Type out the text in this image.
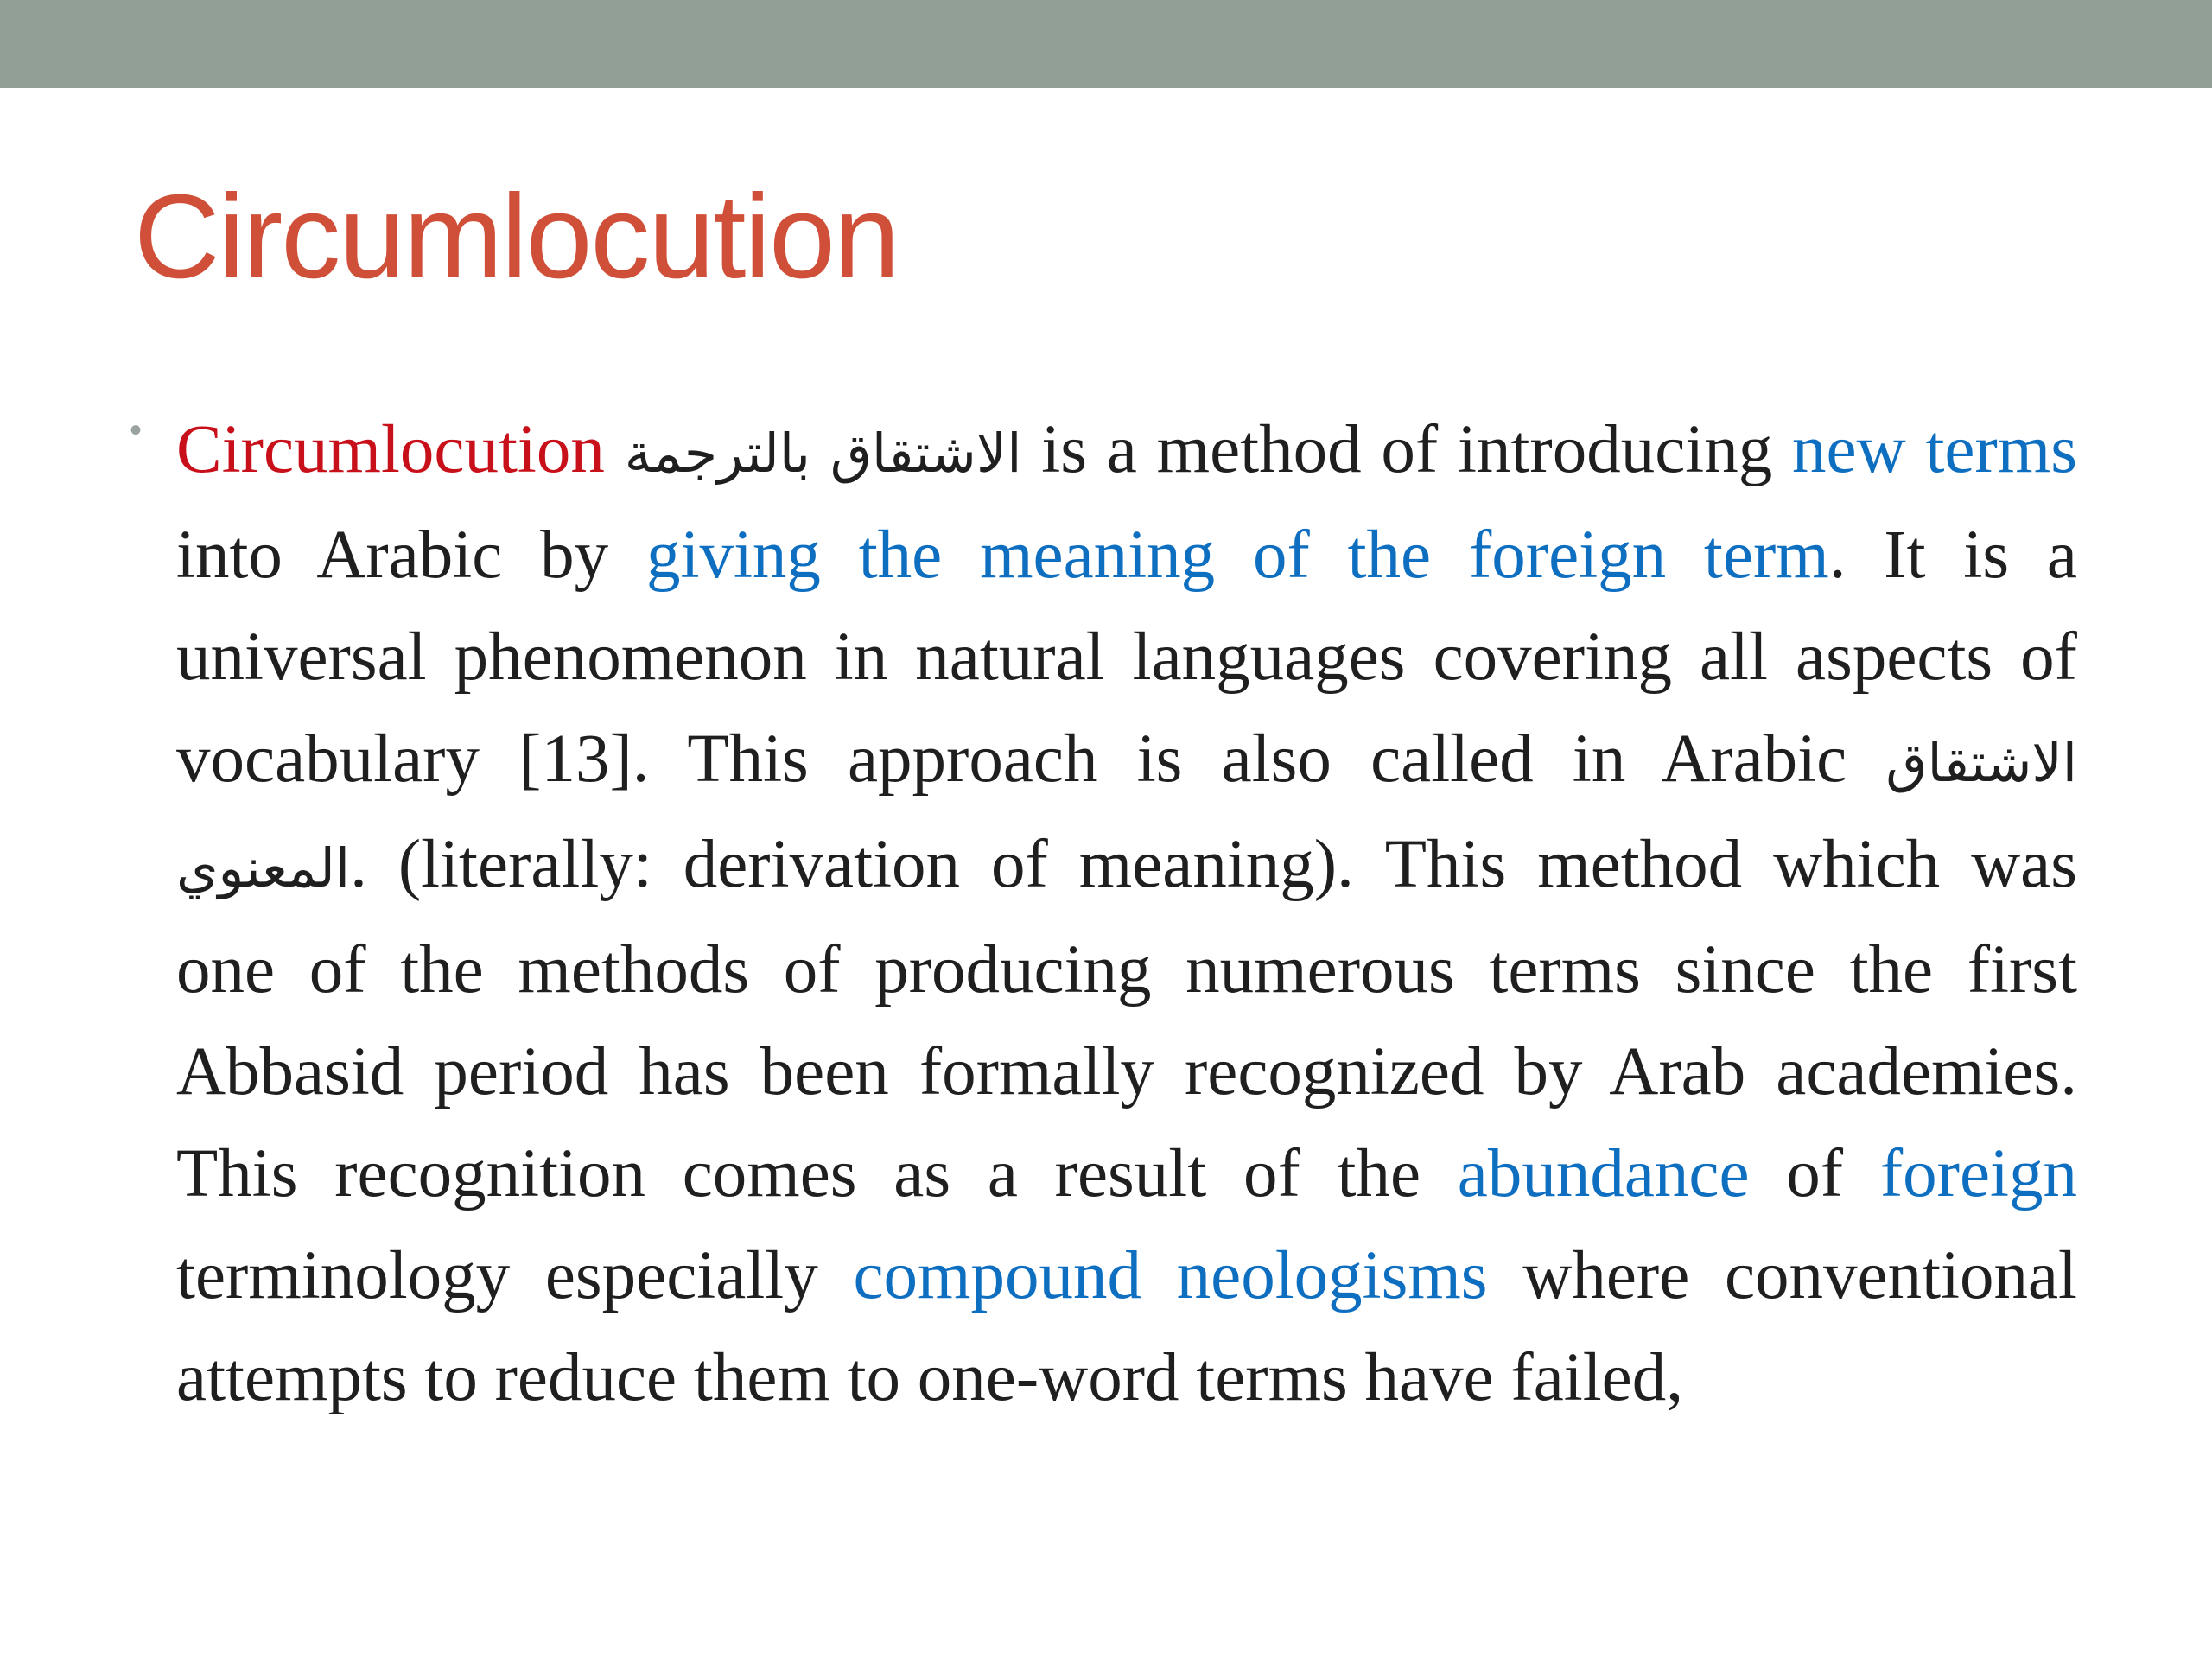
Circumlocution
• Circumlocution الاشتقاق بالترجمة is a method of introducing new terms into Arabic by giving the meaning of the foreign term. It is a universal phenomenon in natural languages covering all aspects of vocabulary [13]. This approach is also called in Arabic الاشتقاق المعنوي. (literally: derivation of meaning). This method which was one of the methods of producing numerous terms since the first Abbasid period has been formally recognized by Arab academies. This recognition comes as a result of the abundance of foreign terminology especially compound neologisms where conventional attempts to reduce them to one-word terms have failed,
